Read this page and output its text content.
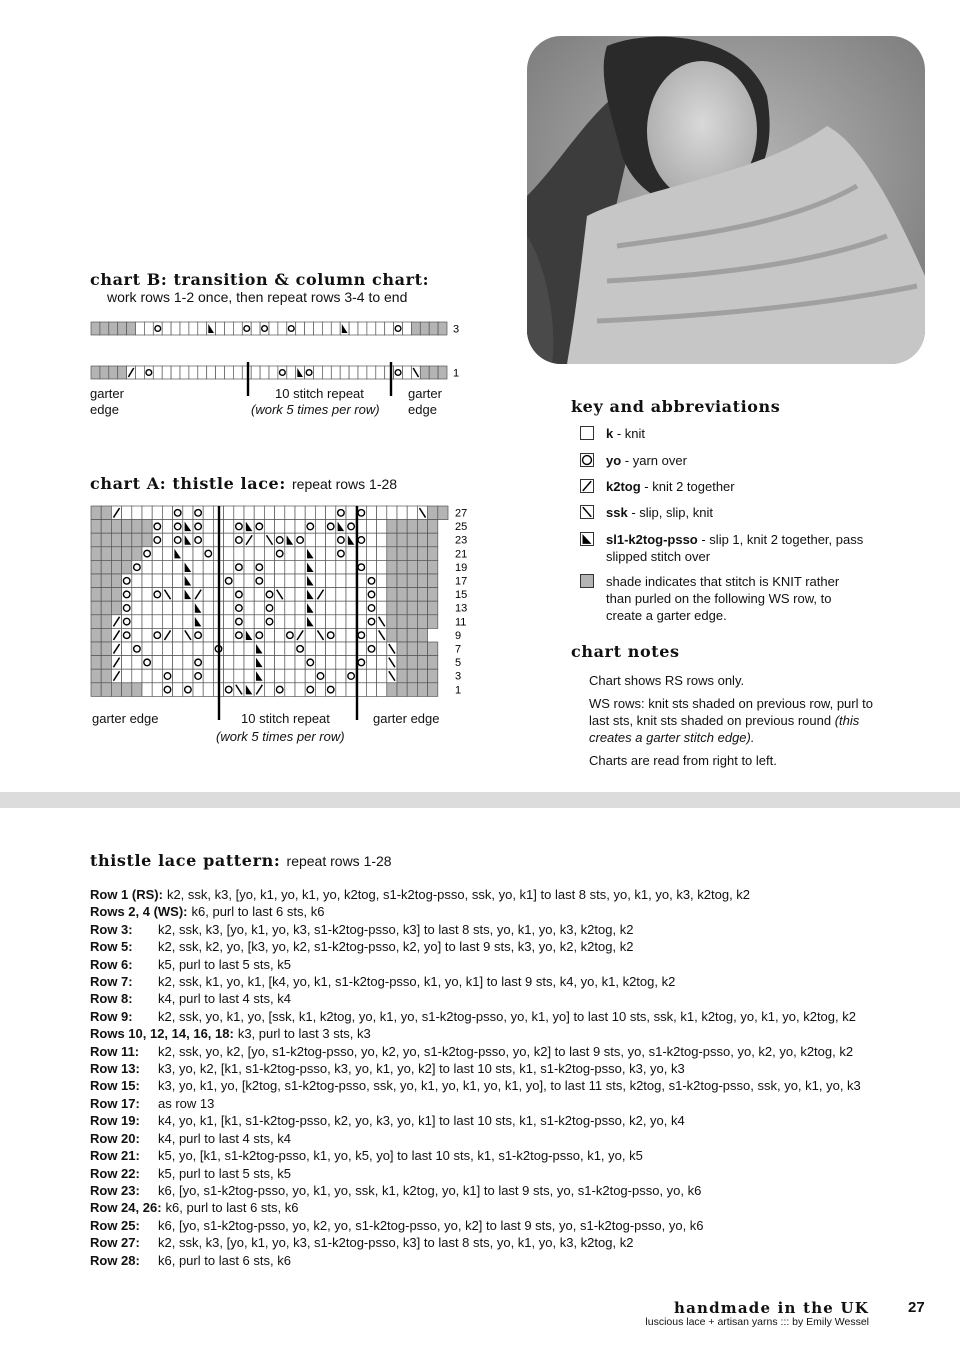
chart B: transition & column chart:
work rows 1-2 once, then repeat rows 3-4 to end
3
1
garter
edge
10 stitch repeat
(work 5 times per row)
garter
edge
chart A: thistle lace: repeat rows 1-28
27
25
23
21
19
17
15
13
11
9
7
5
3
1
garter edge	10 stitch repeat
(work 5 times per row)
garter edge
key and abbreviations
k - knit
yo - yarn over
k2tog - knit 2 together
ssk - slip, slip, knit
sl1-k2tog-psso - slip 1, knit 2 together, pass slipped stitch over
shade indicates that stitch is KNIT rather than purled on the following WS row, to create a garter edge.
chart notes

Chart shows RS rows only.

WS rows: knit sts shaded on previous row, purl to last sts, knit sts shaded on previous round (this creates a garter stitch edge).

Charts are read from right to left.

thistle lace pattern: repeat rows 1-28
Row 1 (RS): k2, ssk, k3, [yo, k1, yo, k1, yo, k2tog, s1-k2tog-psso, ssk, yo, k1] to last 8 sts, yo, k1, yo, k3, k2tog, k2
Rows 2, 4 (WS): k6, purl to last 6 sts, k6
Row 3: k2, ssk, k3, [yo, k1, yo, k3, s1-k2tog-psso, k3] to last 8 sts, yo, k1, yo, k3, k2tog, k2
Row 5: k2, ssk, k2, yo, [k3, yo, k2, s1-k2tog-psso, k2, yo] to last 9 sts, k3, yo, k2, k2tog, k2
Row 6: k5, purl to last 5 sts, k5
Row 7: k2, ssk, k1, yo, k1, [k4, yo, k1, s1-k2tog-psso, k1, yo, k1] to last 9 sts, k4, yo, k1, k2tog, k2
Row 8: k4, purl to last 4 sts, k4
Row 9: k2, ssk, yo, k1, yo, [ssk, k1, k2tog, yo, k1, yo, s1-k2tog-psso, yo, k1, yo] to last 10 sts, ssk, k1, k2tog, yo, k1, yo, k2tog, k2
Rows 10, 12, 14, 16, 18: k3, purl to last 3 sts, k3
Row 11: k2, ssk, yo, k2, [yo, s1-k2tog-psso, yo, k2, yo, s1-k2tog-psso, yo, k2] to last 9 sts, yo, s1-k2tog-psso, yo, k2, yo, k2tog, k2
Row 13: k3, yo, k2, [k1, s1-k2tog-psso, k3, yo, k1, yo, k2] to last 10 sts, k1, s1-k2tog-psso, k3, yo, k3
Row 15: k3, yo, k1, yo, [k2tog, s1-k2tog-psso, ssk, yo, k1, yo, k1, yo, k1, yo], to last 11 sts, k2tog, s1-k2tog-psso, ssk, yo, k1, yo, k3
Row 17: as row 13
Row 19: k4, yo, k1, [k1, s1-k2tog-psso, k2, yo, k3, yo, k1] to last 10 sts, k1, s1-k2tog-psso, k2, yo, k4
Row 20: k4, purl to last 4 sts, k4
Row 21: k5, yo, [k1, s1-k2tog-psso, k1, yo, k5, yo] to last 10 sts, k1, s1-k2tog-psso, k1, yo, k5
Row 22: k5, purl to last 5 sts, k5
Row 23: k6, [yo, s1-k2tog-psso, yo, k1, yo, ssk, k1, k2tog, yo, k1] to last 9 sts, yo, s1-k2tog-psso, yo, k6
Row 24, 26: k6, purl to last 6 sts, k6
Row 25: k6, [yo, s1-k2tog-psso, yo, k2, yo, s1-k2tog-psso, yo, k2] to last 9 sts, yo, s1-k2tog-psso, yo, k6
Row 27: k2, ssk, k3, [yo, k1, yo, k3, s1-k2tog-psso, k3] to last 8 sts, yo, k1, yo, k3, k2tog, k2
Row 28: k6, purl to last 6 sts, k6
handmade in the UK
luscious lace + artisan yarns ::: by Emily Wessel
27
